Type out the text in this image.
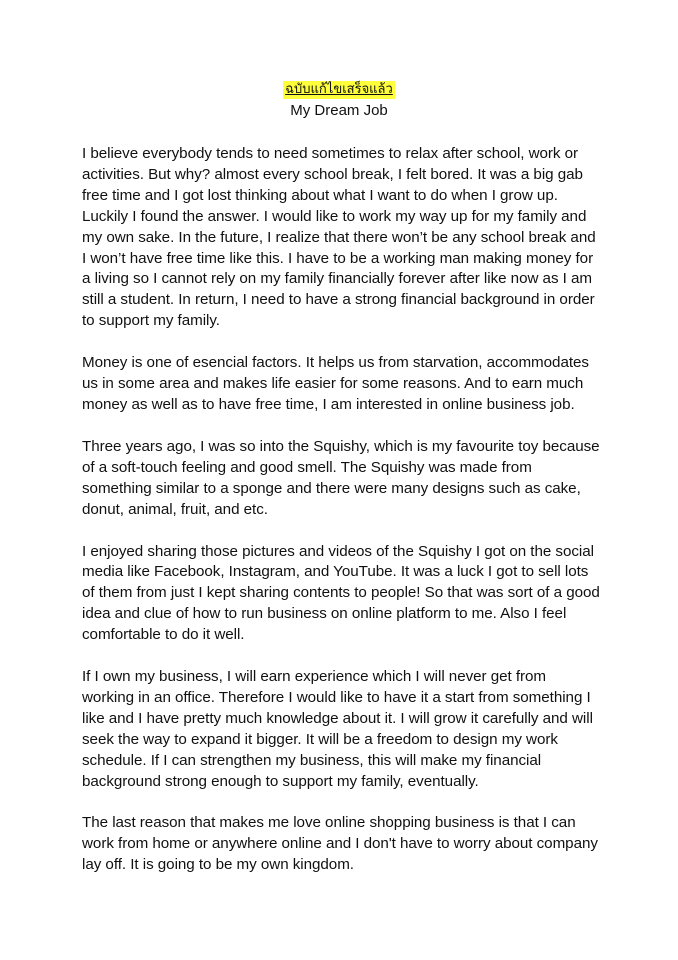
ฉบับแก้ไขเสร็จแล้ว
My Dream Job

I believe everybody tends to need sometimes to relax after school, work or activities. But why? almost every school break, I felt bored. It was a big gab free time and I got lost thinking about what I want to do when I grow up. Luckily I found the answer. I would like to work my way up for my family and my own sake. In the future, I realize that there won’t be any school break and I won’t have free time like this. I have to be a working man making money for a living so I cannot rely on my family financially forever after like now as I am still a student. In return, I need to have a strong financial background in order to support my family.

Money is one of esencial factors. It helps us from starvation, accommodates us in some area and makes life easier for some reasons. And to earn much money as well as to have free time, I am interested in online business job.

Three years ago, I was so into the Squishy, which is my favourite toy because of a soft-touch feeling and good smell. The Squishy was made from something similar to a sponge and there were many designs such as cake, donut, animal, fruit, and etc.

I enjoyed sharing those pictures and videos of the Squishy I got on the social media like Facebook, Instagram, and YouTube. It was a luck I got to sell lots of them from just I kept sharing contents to people! So that was sort of a good idea and clue of how to run business on online platform to me. Also I feel comfortable to do it well.

If I own my business, I will earn experience which I will never get from working in an office. Therefore I would like to have it a start from something I like and I have pretty much knowledge about it. I will grow it carefully and will seek the way to expand it bigger. It will be a freedom to design my work schedule. If I can strengthen my business, this will make my financial background strong enough to support my family, eventually.

The last reason that makes me love online shopping business is that I can work from home or anywhere online and I don't have to worry about company lay off. It is going to be my own kingdom.
